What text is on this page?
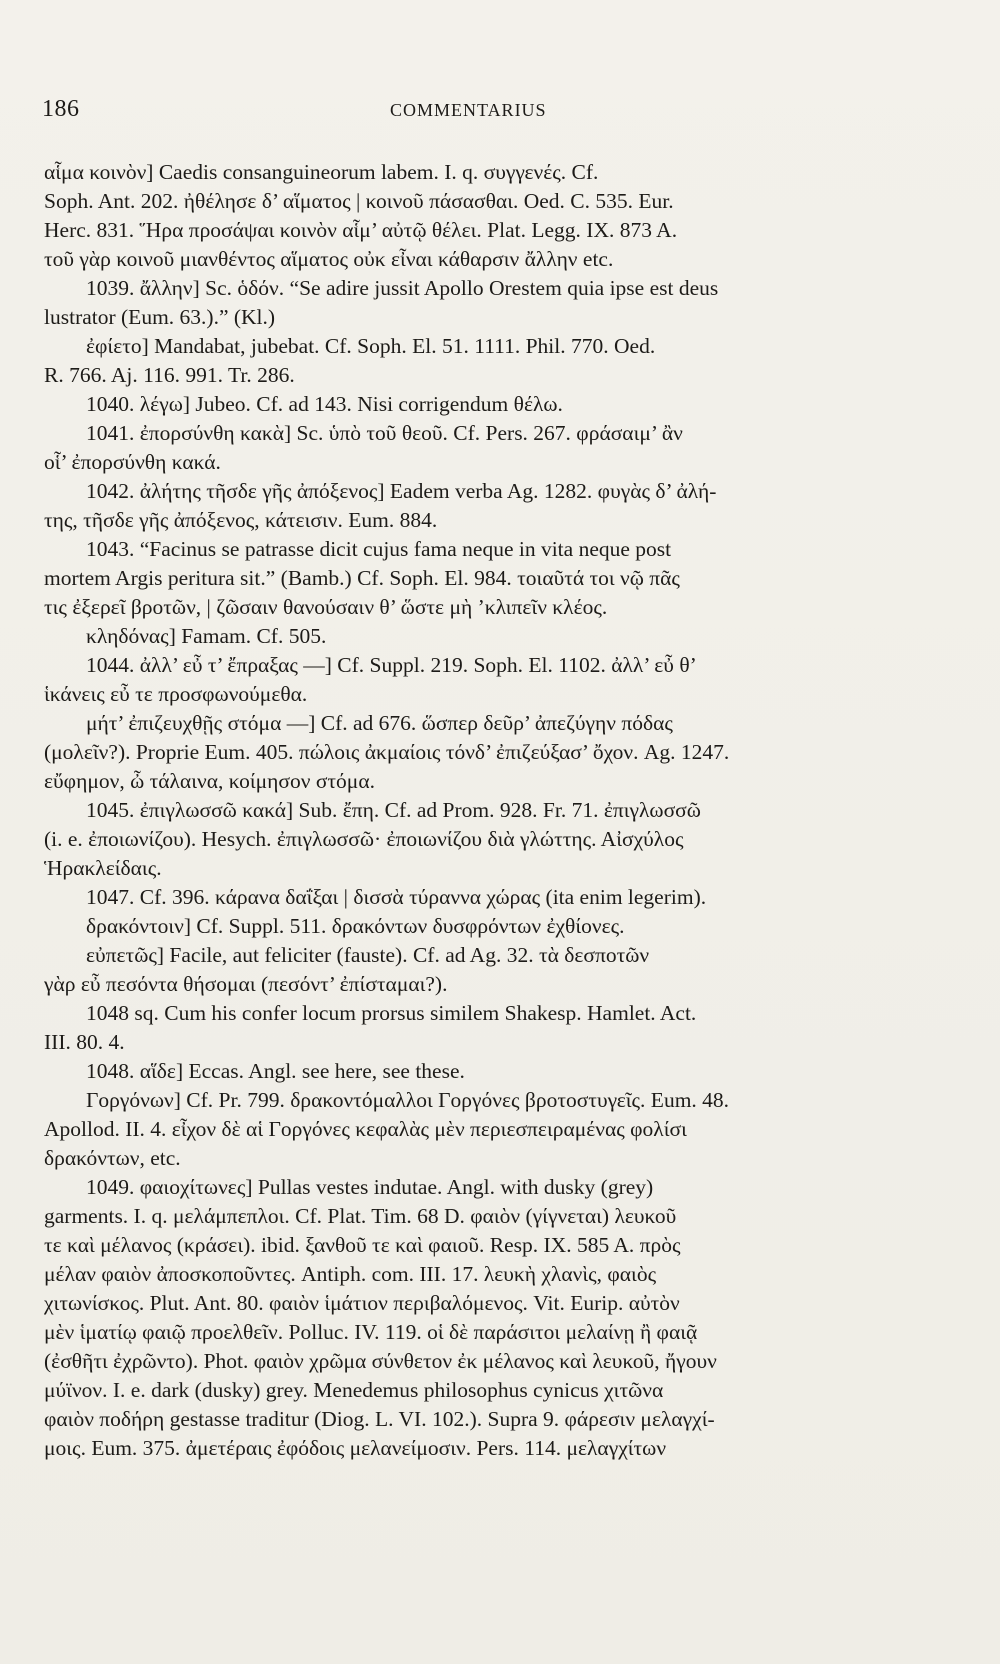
186	COMMENTARIUS
αἷμα κοινὸν] Caedis consanguineorum labem. I. q. συγγενές. Cf.
Soph. Ant. 202. ἠθέλησε δ’ αἵματος | κοινοῦ πάσασθαι. Oed. C. 535. Eur.
Herc. 831. Ἥρα προσάψαι κοινὸν αἷμ’ αὐτῷ θέλει. Plat. Legg. IX. 873 A.
τοῦ γὰρ κοινοῦ μιανθέντος αἵματος οὐκ εἶναι κάθαρσιν ἄλλην etc.
1039. ἄλλην] Sc. ὁδόν. “Se adire jussit Apollo Orestem quia ipse est deus
lustrator (Eum. 63.).” (Kl.)
ἐφίετο] Mandabat, jubebat. Cf. Soph. El. 51. 1111. Phil. 770. Oed.
R. 766. Aj. 116. 991. Tr. 286.
1040. λέγω] Jubeo. Cf. ad 143. Nisi corrigendum θέλω.
1041. ἐπορσύνθη κακὰ] Sc. ὑπὸ τοῦ θεοῦ. Cf. Pers. 267. φράσαιμ’ ἂν
οἷ’ ἐπορσύνθη κακά.
1042. ἀλήτης τῆσδε γῆς ἀπόξενος] Eadem verba Ag. 1282. φυγὰς δ’ ἀλή-
της, τῆσδε γῆς ἀπόξενος, κάτεισιν. Eum. 884.
1043. “Facinus se patrasse dicit cujus fama neque in vita neque post
mortem Argis peritura sit.” (Bamb.) Cf. Soph. El. 984. τοιαῦτά τοι νῷ πᾶς
τις ἐξερεῖ βροτῶν, | ζῶσαιν θανούσαιν θ’ ὥστε μὴ ’κλιπεῖν κλέος.
κληδόνας] Famam. Cf. 505.
1044. ἀλλ’ εὖ τ’ ἔπραξας —] Cf. Suppl. 219. Soph. El. 1102. ἀλλ’ εὖ θ’
ἱκάνεις εὖ τε προσφωνούμεθα.
μήτ’ ἐπιζευχθῇς στόμα —] Cf. ad 676. ὥσπερ δεῦρ’ ἀπεζύγην πόδας
(μολεῖν?). Proprie Eum. 405. πώλοις ἀκμαίοις τόνδ’ ἐπιζεύξασ’ ὄχον. Ag. 1247.
εὔφημον, ὦ τάλαινα, κοίμησον στόμα.
1045. ἐπιγλωσσῶ κακά] Sub. ἔπη. Cf. ad Prom. 928. Fr. 71. ἐπιγλωσσῶ
(i. e. ἐποιωνίζου). Hesych. ἐπιγλωσσῶ· ἐποιωνίζου διὰ γλώττης. Αἰσχύλος
Ἡρακλείδαις.
1047. Cf. 396. κάρανα δαΐξαι | δισσὰ τύραννα χώρας (ita enim legerim).
δρακόντοιν] Cf. Suppl. 511. δρακόντων δυσφρόντων ἐχθίονες.
εὐπετῶς] Facile, aut feliciter (fauste). Cf. ad Ag. 32. τὰ δεσποτῶν
γὰρ εὖ πεσόντα θήσομαι (πεσόντ’ ἐπίσταμαι?).
1048 sq. Cum his confer locum prorsus similem Shakesp. Hamlet. Act.
III. 80. 4.
1048. αἵδε] Eccas. Angl. see here, see these.
Γοργόνων] Cf. Pr. 799. δρακοντόμαλλοι Γοργόνες βροτοστυγεῖς. Eum. 48.
Apollod. II. 4. εἶχον δὲ αἱ Γοργόνες κεφαλὰς μὲν περιεσπειραμένας φολίσι
δρακόντων, etc.
1049. φαιοχίτωνες] Pullas vestes indutae. Angl. with dusky (grey)
garments. I. q. μελάμπεπλοι. Cf. Plat. Tim. 68 D. φαιὸν (γίγνεται) λευκοῦ
τε καὶ μέλανος (κράσει). ibid. ξανθοῦ τε καὶ φαιοῦ. Resp. IX. 585 A. πρὸς
μέλαν φαιὸν ἀποσκοποῦντες. Antiph. com. III. 17. λευκὴ χλανὶς, φαιὸς
χιτωνίσκος. Plut. Ant. 80. φαιὸν ἱμάτιον περιβαλόμενος. Vit. Eurip. αὐτὸν
μὲν ἱματίῳ φαιῷ προελθεῖν. Polluc. IV. 119. οἱ δὲ παράσιτοι μελαίνῃ ἢ φαιᾷ
(ἐσθῆτι ἐχρῶντο). Phot. φαιὸν χρῶμα σύνθετον ἐκ μέλανος καὶ λευκοῦ, ἤγουν
μύϊνον. I. e. dark (dusky) grey. Menedemus philosophus cynicus χιτῶνα
φαιὸν ποδήρη gestasse traditur (Diog. L. VI. 102.). Supra 9. φάρεσιν μελαγχί-
μοις. Eum. 375. ἀμετέραις ἐφόδοις μελανείμοσιν. Pers. 114. μελαγχίτων
